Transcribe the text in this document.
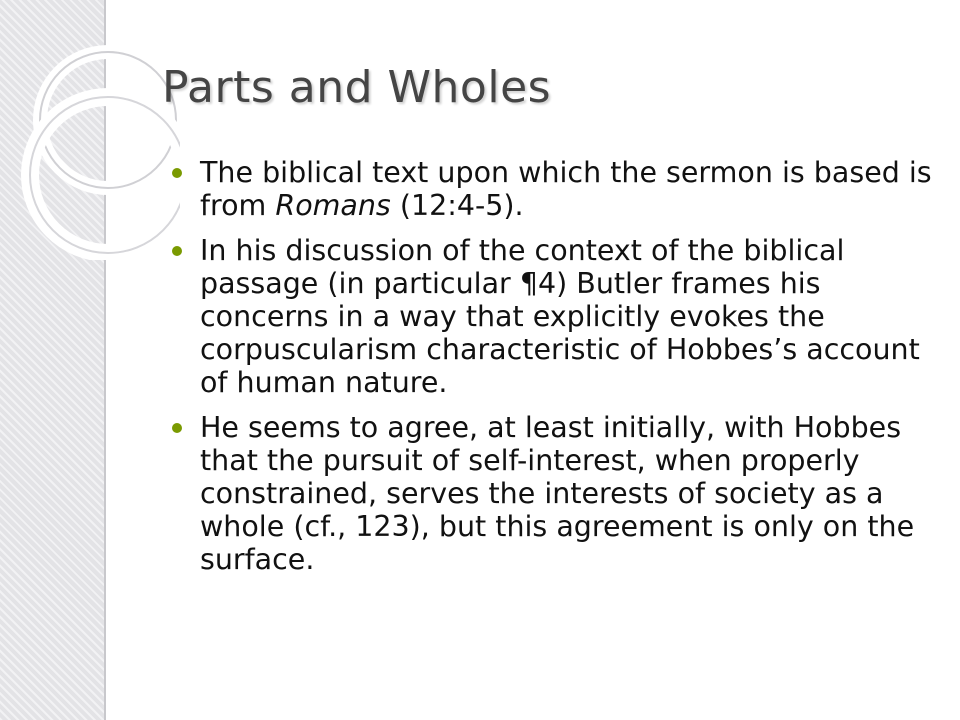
Parts and Wholes
The biblical text upon which the sermon is based is from Romans (12:4-5).
In his discussion of the context of the biblical passage (in particular ¶4) Butler frames his concerns in a way that explicitly evokes the corpuscularism characteristic of Hobbes’s account of human nature.
He seems to agree, at least initially, with Hobbes that the pursuit of self-interest, when properly constrained, serves the interests of society as a whole (cf., 123), but this agreement is only on the surface.
